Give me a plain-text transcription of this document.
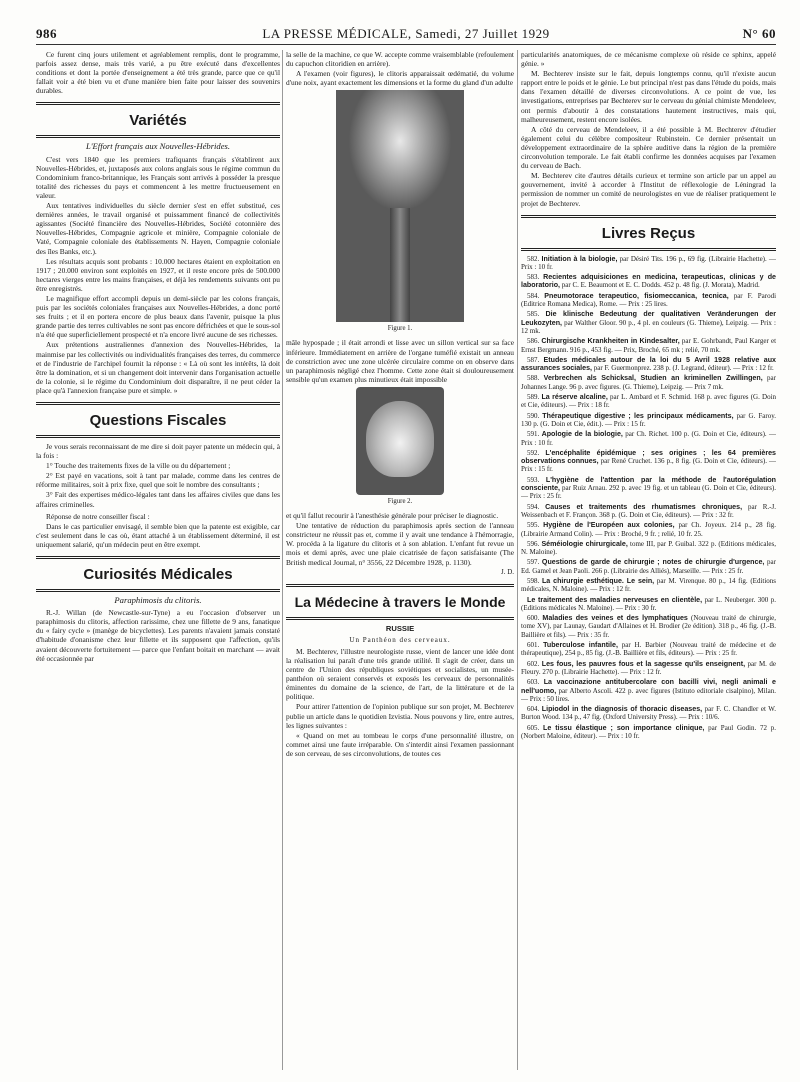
986	LA PRESSE MÉDICALE, Samedi, 27 Juillet 1929	N° 60

Ce furent cinq jours utilement et agréablement remplis, dont le programme, parfois assez dense, mais très varié, a pu être exécuté dans d'excellentes conditions et dont la portée d'enseignement a été très grande, parce que ce qu'il fallait voir a été bien vu et d'une manière bien faite pour laisser des souvenirs durables.

Variétés
L'Effort français aux Nouvelles-Hébrides.

C'est vers 1840 que les premiers trafiquants français s'établirent aux Nouvelles-Hébrides, et, juxtaposés aux colons anglais sous le régime commun du Condominium franco-britannique, les Français sont arrivés à posséder la presque totalité des richesses du pays et commencent à les mettre fructueusement en valeur.

Aux tentatives individuelles du siècle dernier s'est en effet substitué, ces dernières années, le travail organisé et puissamment financé de collectivités agissantes (Société financière des Nouvelles-Hébrides, Société cotonnière des Nouvelles-Hébrides, Compagnie agricole et minière, Compagnie coloniale de Vaté, Compagnie coloniale des établissements N. Hayen, Compagnie coloniale des îles Banks, etc.).

Les résultats acquis sont probants : 10.000 hectares étaient en exploitation en 1917 ; 20.000 environ sont exploités en 1927, et il reste encore près de 500.000 hectares vierges entre les mains françaises, et déjà les rendements suivants ont pu être enregistrés.

Le magnifique effort accompli depuis un demi-siècle par les colons français, puis par les sociétés coloniales françaises aux Nouvelles-Hébrides, a donc porté ses fruits ; et il en portera encore de plus beaux dans l'avenir, puisque la plus grande partie des terres cultivables ne sont pas encore défrichées et que le sous-sol n'a été que superficiellement prospecté et n'a encore livré aucune de ses richesses.

Aux prétentions australiennes d'annexion des Nouvelles-Hébrides, la mainmise par les collectivités ou individualités françaises des terres, du commerce et de l'industrie de l'archipel fournit la réponse : « Là où sont les intérêts, là doit être la domination, et si un changement doit intervenir dans l'organisation actuelle de la colonie, si le régime du Condominium doit disparaître, il ne peut céder la place qu'à l'annexion française pure et simple. »

Questions Fiscales

Je vous serais reconnaissant de me dire si doit payer patente un médecin qui, à la fois :

1° Touche des traitements fixes de la ville ou du département ;

2° Est payé en vacations, soit à tant par malade, comme dans les centres de réforme militaires, soit à prix fixe, quel que soit le nombre des consultants ;

3° Fait des expertises médico-légales tant dans les affaires civiles que dans les affaires criminelles.

Réponse de notre conseiller fiscal :

Dans le cas particulier envisagé, il semble bien que la patente est exigible, car c'est seulement dans le cas où, étant attaché à un établissement déterminé, il est uniquement salarié, qu'un médecin peut en être exempt.

Curiosités Médicales
Paraphimosis du clitoris.

R.-J. Willan (de Newcastle-sur-Tyne) a eu l'occasion d'observer un paraphimosis du clitoris, affection rarissime, chez une fillette de 9 ans, fanatique du « fairy cycle » (manège de bicyclettes). Les parents n'avaient jamais constaté d'habitude d'onanisme chez leur fillette et ils supposent que l'affection, qu'ils avaient découverte fortuitement — parce que l'enfant boitait en marchant — avait été occasionnée par

la selle de la machine, ce que W. accepte comme vraisemblable (refoulement du capuchon clitoridien en arrière).

A l'examen (voir figures), le clitoris apparaissait œdématié, du volume d'une noix, ayant exactement les dimensions et la forme du gland d'un adulte

Figure 1.

mâle hypospade ; il était arrondi et lisse avec un sillon vertical sur sa face inférieure. Immédiatement en arrière de l'organe tuméfié existait un anneau de constriction avec une zone ulcérée circulaire comme on en observe dans un paraphimosis négligé chez l'homme. Cette zone était si douloureusement sensible qu'un examen plus minutieux était impossible

Figure 2.

et qu'il fallut recourir à l'anesthésie générale pour préciser le diagnostic.

Une tentative de réduction du paraphimosis après section de l'anneau constricteur ne réussit pas et, comme il y avait une tendance à l'hémorragie, W. procéda à la ligature du clitoris et à son ablation. L'enfant fut revue un mois et demi après, avec une plaie cicatrisée de façon satisfaisante (The British medical Journal, n° 3556, 22 Décembre 1928, p. 1130).

J. D.
La Médecine à travers le Monde
RUSSIE
Un Panthéon des cerveaux.

M. Bechterev, l'illustre neurologiste russe, vient de lancer une idée dont la réalisation lui paraît d'une très grande utilité. Il s'agit de créer, dans un centre de l'Union des républiques soviétiques et socialistes, un musée-panthéon où seraient conservés et exposés les cerveaux de personnalités éminentes du domaine de la science, de l'art, de la littérature et de la politique.

Pour attirer l'attention de l'opinion publique sur son projet, M. Bechterev publie un article dans le quotidien Izvistia. Nous pouvons y lire, entre autres, les lignes suivantes :

« Quand on met au tombeau le corps d'une personnalité illustre, on commet ainsi une faute irréparable. On s'interdit ainsi l'examen passionnant de son cerveau, de ses circonvolutions, de toutes ces

particularités anatomiques, de ce mécanisme complexe où réside ce sphinx, appelé génie. »

M. Bechterev insiste sur le fait, depuis longtemps connu, qu'il n'existe aucun rapport entre le poids et le génie. Le but principal n'est pas dans l'étude du poids, mais dans l'examen détaillé de diverses circonvolutions. A ce point de vue, les investigations, entreprises par Bechterev sur le cerveau du génial chimiste Mendeleev, ont permis d'aboutir à des constatations hautement instructives, mais qui, malheureusement, restent encore isolées.

A côté du cerveau de Mendeleev, il a été possible à M. Bechterev d'étudier également celui du célèbre compositeur Rubinstein. Ce dernier présentait un développement extraordinaire de la sphère auditive dans la région de la première circonvolution temporale. Le fait établi confirme les données acquises par l'examen du cerveau de Bach.

M. Bechterev cite d'autres détails curieux et termine son article par un appel au gouvernement, invité à accorder à l'Institut de réflexologie de Léningrad la permission de nommer un comité de neurologistes en vue de réaliser pratiquement le projet de Bechterev.

Livres Reçus

582. Initiation à la biologie, par Désiré Tits. 196 p., 69 fig. (Librairie Hachette). — Prix : 10 fr.

583. Recientes adquisiciones en medicina, terapeuticas, clinicas y de laboratorio, par C. E. Beaumont et E. C. Dodds. 452 p. 48 fig. (J. Morata), Madrid.

584. Pneumotorace terapeutico, fisiomeccanica, tecnica, par F. Parodi (Editrice Romana Medica), Rome. — Prix : 25 lires.

585. Die klinische Bedeutung der qualitativen Veränderungen der Leukozyten, par Walther Gloor. 90 p., 4 pl. en couleurs (G. Thieme), Leipzig. — Prix : 12 mk.

586. Chirurgische Krankheiten in Kindesalter, par E. Gohrbandt, Paul Karger et Ernst Bergmann. 916 p., 453 fig. — Prix, Broché, 65 mk ; relié, 70 mk.

587. Etudes médicales autour de la loi du 5 Avril 1928 relative aux assurances sociales, par F. Guermonprez. 238 p. (J. Legrand, éditeur). — Prix : 12 fr.

588. Verbrechen als Schicksal, Studien an kriminellen Zwillingen, par Johannes Lange. 96 p. avec figures. (G. Thieme), Leipzig. — Prix 7 mk.

589. La réserve alcaline, par L. Ambard et F. Schmid. 168 p. avec figures (G. Doin et Cie, éditeurs). — Prix : 18 fr.

590. Thérapeutique digestive ; les principaux médicaments, par G. Faroy. 130 p. (G. Doin et Cie, édit.). — Prix : 15 fr.

591. Apologie de la biologie, par Ch. Richet. 100 p. (G. Doin et Cie, éditeurs). — Prix : 10 fr.

592. L'encéphalite épidémique ; ses origines ; les 64 premières observations connues, par René Cruchet. 136 p., 8 fig. (G. Doin et Cie, éditeurs). — Prix : 15 fr.

593. L'hygiène de l'attention par la méthode de l'autorégulation consciente, par Ruiz Arnau. 292 p. avec 19 fig. et un tableau (G. Doin et Cie, éditeurs). — Prix : 25 fr.

594. Causes et traitements des rhumatismes chroniques, par R.-J. Weissenbach et F. Françon. 368 p. (G. Doin et Cie, éditeurs). — Prix : 32 fr.

595. Hygiène de l'Européen aux colonies, par Ch. Joyeux. 214 p., 28 fig. (Librairie Armand Colin). — Prix : Broché, 9 fr. ; relié, 10 fr. 25.

596. Séméiologie chirurgicale, tome III, par P. Guibal. 322 p. (Editions médicales, N. Maloine).

597. Questions de garde de chirurgie ; notes de chirurgie d'urgence, par Ed. Gamel et Jean Paoli. 266 p. (Librairie des Alliés), Marseille. — Prix : 25 fr.

598. La chirurgie esthétique. Le sein, par M. Virenque. 80 p., 14 fig. (Editions médicales, N. Maloine). — Prix : 12 fr.

Le traitement des maladies nerveuses en clientèle, par L. Neuberger. 300 p. (Editions médicales N. Maloine). — Prix : 30 fr.

600. Maladies des veines et des lymphatiques (Nouveau traité de chirurgie, tome XV), par Launay, Gaudart d'Allaines et H. Brodier (2e édition). 318 p., 46 fig. (J.-B. Baillière et fils). — Prix : 35 fr.

601. Tuberculose infantile, par H. Barbier (Nouveau traité de médecine et de thérapeutique), 254 p., 85 fig. (J.-B. Baillière et fils, éditeurs). — Prix : 25 fr.

602. Les fous, les pauvres fous et la sagesse qu'ils enseignent, par M. de Fleury. 270 p. (Librairie Hachette). — Prix : 12 fr.

603. La vaccinazione antitubercolare con bacilli vivi, negli animali e nell'uomo, par Alberto Ascoli. 422 p. avec figures (Istituto editoriale cisalpino), Milan. — Prix : 50 lires.

604. Lipiodol in the diagnosis of thoracic diseases, par F. C. Chandler et W. Burton Wood. 134 p., 47 fig. (Oxford University Press). — Prix : 10/6.

605. Le tissu élastique ; son importance clinique, par Paul Godin. 72 p. (Norbert Maloine, éditeur). — Prix : 10 fr.
